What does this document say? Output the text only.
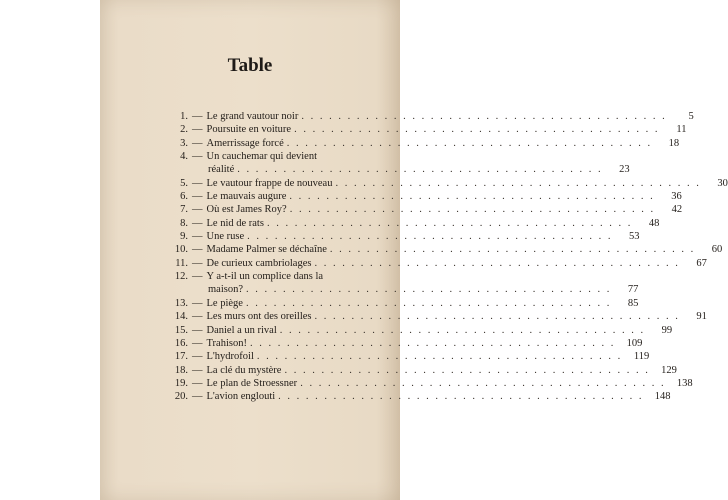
Table
1. — Le grand vautour noir . . . . . . . . . . . . . . . . . . . . . . . . . . . . . . . . . . . . . . . .	5
2. — Poursuite en voiture . . . . . . . . . . . . . . . . . . . . . . . . . . . . . . . . . . . . . . . .	11
3. — Amerrissage forcé . . . . . . . . . . . . . . . . . . . . . . . . . . . . . . . . . . . . . . . .	18
4. — Un cauchemar qui devient
réalité . . . . . . . . . . . . . . . . . . . . . . . . . . . . . . . . . . . . . . . .	23
5. — Le vautour frappe de nouveau . . . . . . . . . . . . . . . . . . . . . . . . . . . . . . . . . . . . . . . .	30
6. — Le mauvais augure . . . . . . . . . . . . . . . . . . . . . . . . . . . . . . . . . . . . . . . .	36
7. — Où est James Roy? . . . . . . . . . . . . . . . . . . . . . . . . . . . . . . . . . . . . . . . .	42
8. — Le nid de rats . . . . . . . . . . . . . . . . . . . . . . . . . . . . . . . . . . . . . . . .	48
9. — Une ruse . . . . . . . . . . . . . . . . . . . . . . . . . . . . . . . . . . . . . . . .	53
10. — Madame Palmer se déchaîne . . . . . . . . . . . . . . . . . . . . . . . . . . . . . . . . . . . . . . . .	60
11. — De curieux cambriolages . . . . . . . . . . . . . . . . . . . . . . . . . . . . . . . . . . . . . . . .	67
12. — Y a-t-il un complice dans la
maison? . . . . . . . . . . . . . . . . . . . . . . . . . . . . . . . . . . . . . . . .	77
13. — Le piège . . . . . . . . . . . . . . . . . . . . . . . . . . . . . . . . . . . . . . . .	85
14. — Les murs ont des oreilles . . . . . . . . . . . . . . . . . . . . . . . . . . . . . . . . . . . . . . . .	91
15. — Daniel a un rival . . . . . . . . . . . . . . . . . . . . . . . . . . . . . . . . . . . . . . . .	99
16. — Trahison! . . . . . . . . . . . . . . . . . . . . . . . . . . . . . . . . . . . . . . . .	109
17. — L'hydrofoil . . . . . . . . . . . . . . . . . . . . . . . . . . . . . . . . . . . . . . . .	119
18. — La clé du mystère . . . . . . . . . . . . . . . . . . . . . . . . . . . . . . . . . . . . . . . .	129
19. — Le plan de Stroessner . . . . . . . . . . . . . . . . . . . . . . . . . . . . . . . . . . . . . . . .	138
20. — L'avion englouti . . . . . . . . . . . . . . . . . . . . . . . . . . . . . . . . . . . . . . . .	148
